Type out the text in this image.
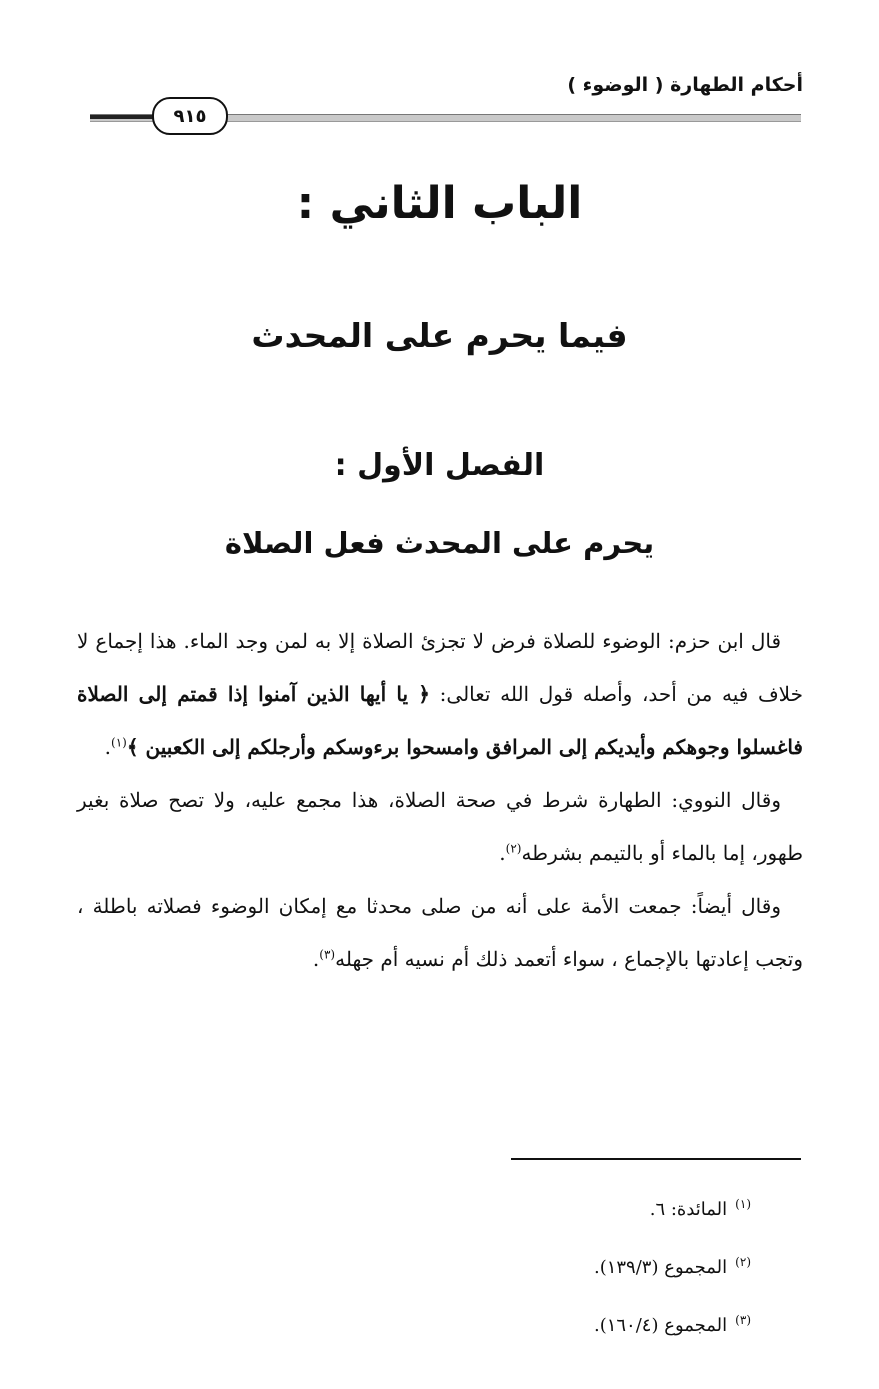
أحكام الطهارة ( الوضوء )
٩١٥
الباب الثاني :
فيما يحرم على المحدث
الفصل الأول :
يحرم على المحدث فعل الصلاة

قال ابن حزم: الوضوء للصلاة فرض لا تجزئ الصلاة إلا به لمن وجد الماء. هذا إجماع لا خلاف فيه من أحد، وأصله قول الله تعالى: ﴿ يا أيها الذين آمنوا إذا قمتم إلى الصلاة فاغسلوا وجوهكم وأيديكم إلى المرافق وامسحوا برءوسكم وأرجلكم إلى الكعبين ﴾$^{(١)}$.

وقال النووي: الطهارة شرط في صحة الصلاة، هذا مجمع عليه، ولا تصح صلاة بغير طهور، إما بالماء أو بالتيمم بشرطه$^{(٢)}$.

وقال أيضاً: جمعت الأمة على أنه من صلى محدثا مع إمكان الوضوء فصلاته باطلة ، وتجب إعادتها بالإجماع ، سواء أتعمد ذلك أم نسيه أم جهله$^{(٣)}$.

$^{(١)}$المائدة: ٦.
$^{(٢)}$المجموع (١٣٩/٣).
$^{(٣)}$المجموع (١٦٠/٤).
